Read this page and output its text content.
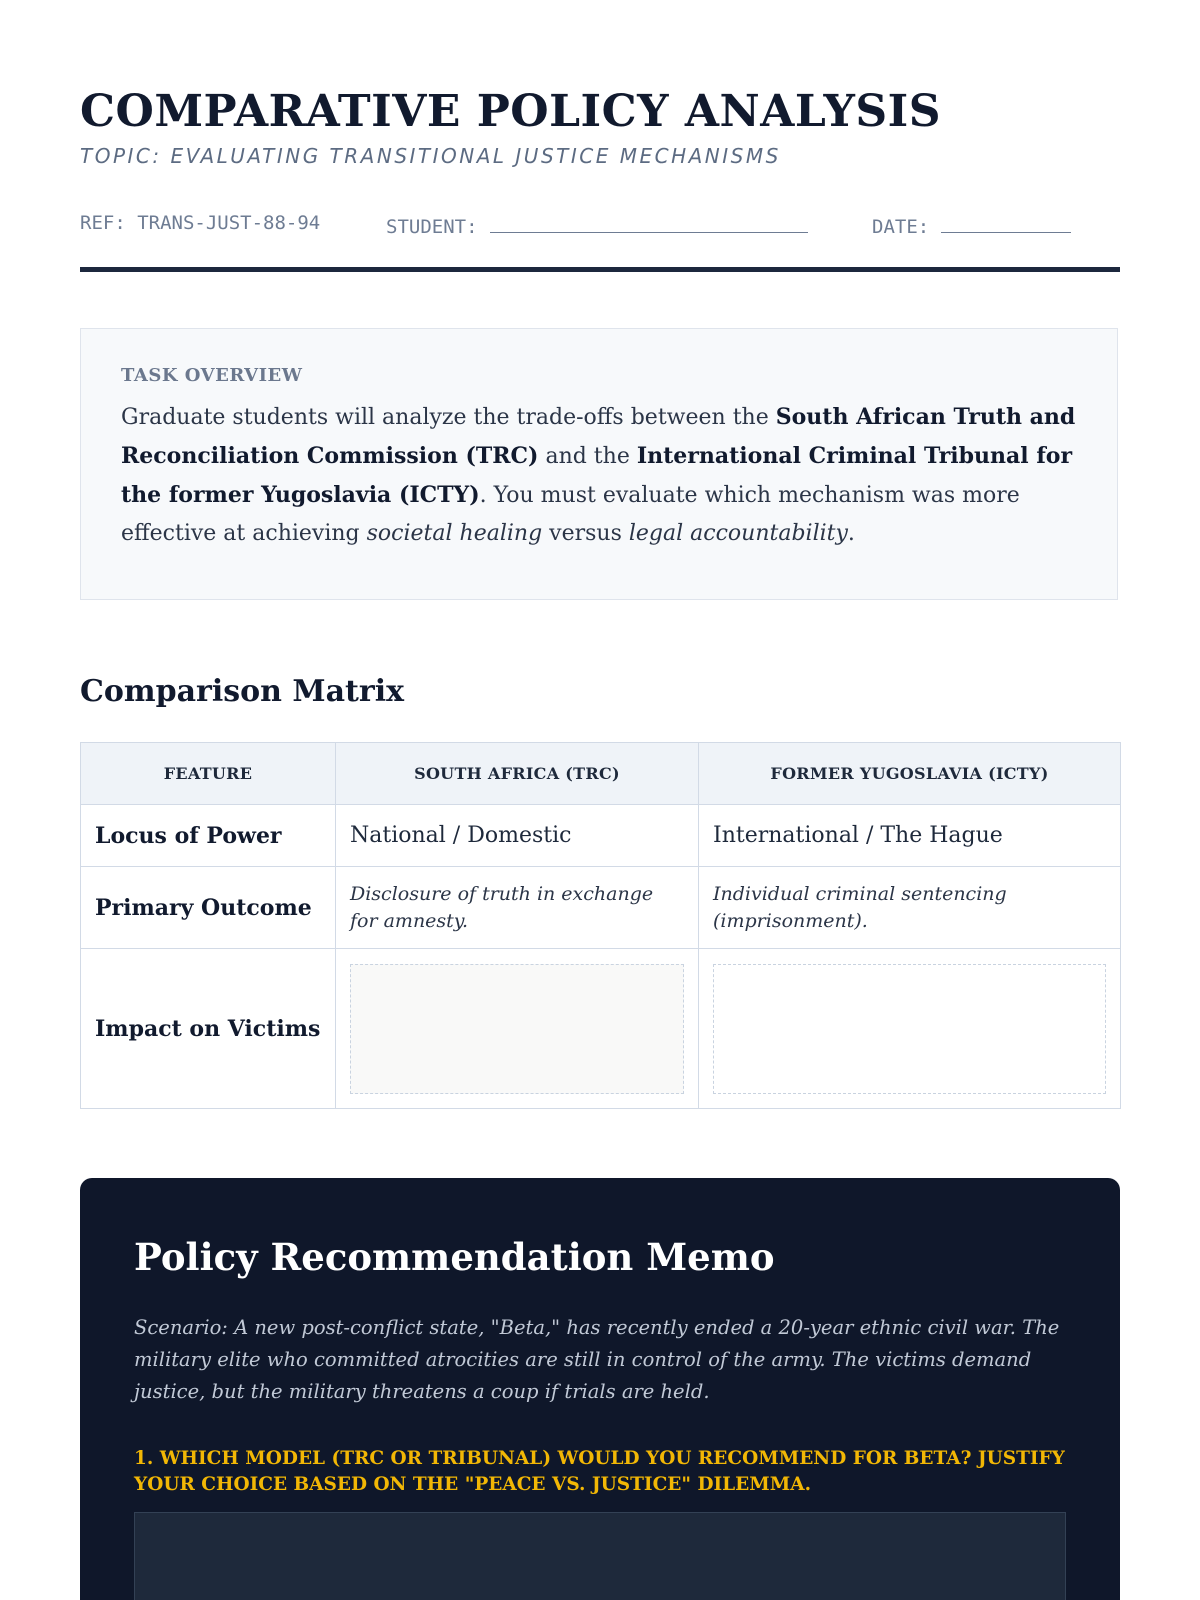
COMPARATIVE POLICY ANALYSIS
TOPIC: EVALUATING TRANSITIONAL JUSTICE MECHANISMS
REF: TRANS-JUST-88-94	STUDENT:	DATE:
TASK OVERVIEW

Graduate students will analyze the trade-offs between the South African Truth and Reconciliation Commission (TRC) and the International Criminal Tribunal for the former Yugoslavia (ICTY). You must evaluate which mechanism was more effective at achieving societal healing versus legal accountability.

Comparison Matrix
FEATURE	SOUTH AFRICA (TRC)	FORMER YUGOSLAVIA (ICTY)
Locus of Power	National / Domestic	International / The Hague
Primary Outcome	Disclosure of truth in exchange for amnesty.	Individual criminal sentencing (imprisonment).
Impact on Victims	

Policy Recommendation Memo

Scenario: A new post-conflict state, "Beta," has recently ended a 20-year ethnic civil war. The military elite who committed atrocities are still in control of the army. The victims demand justice, but the military threatens a coup if trials are held.

1. WHICH MODEL (TRC OR TRIBUNAL) WOULD YOU RECOMMEND FOR BETA? JUSTIFY YOUR CHOICE BASED ON THE "PEACE VS. JUSTICE" DILEMMA.
